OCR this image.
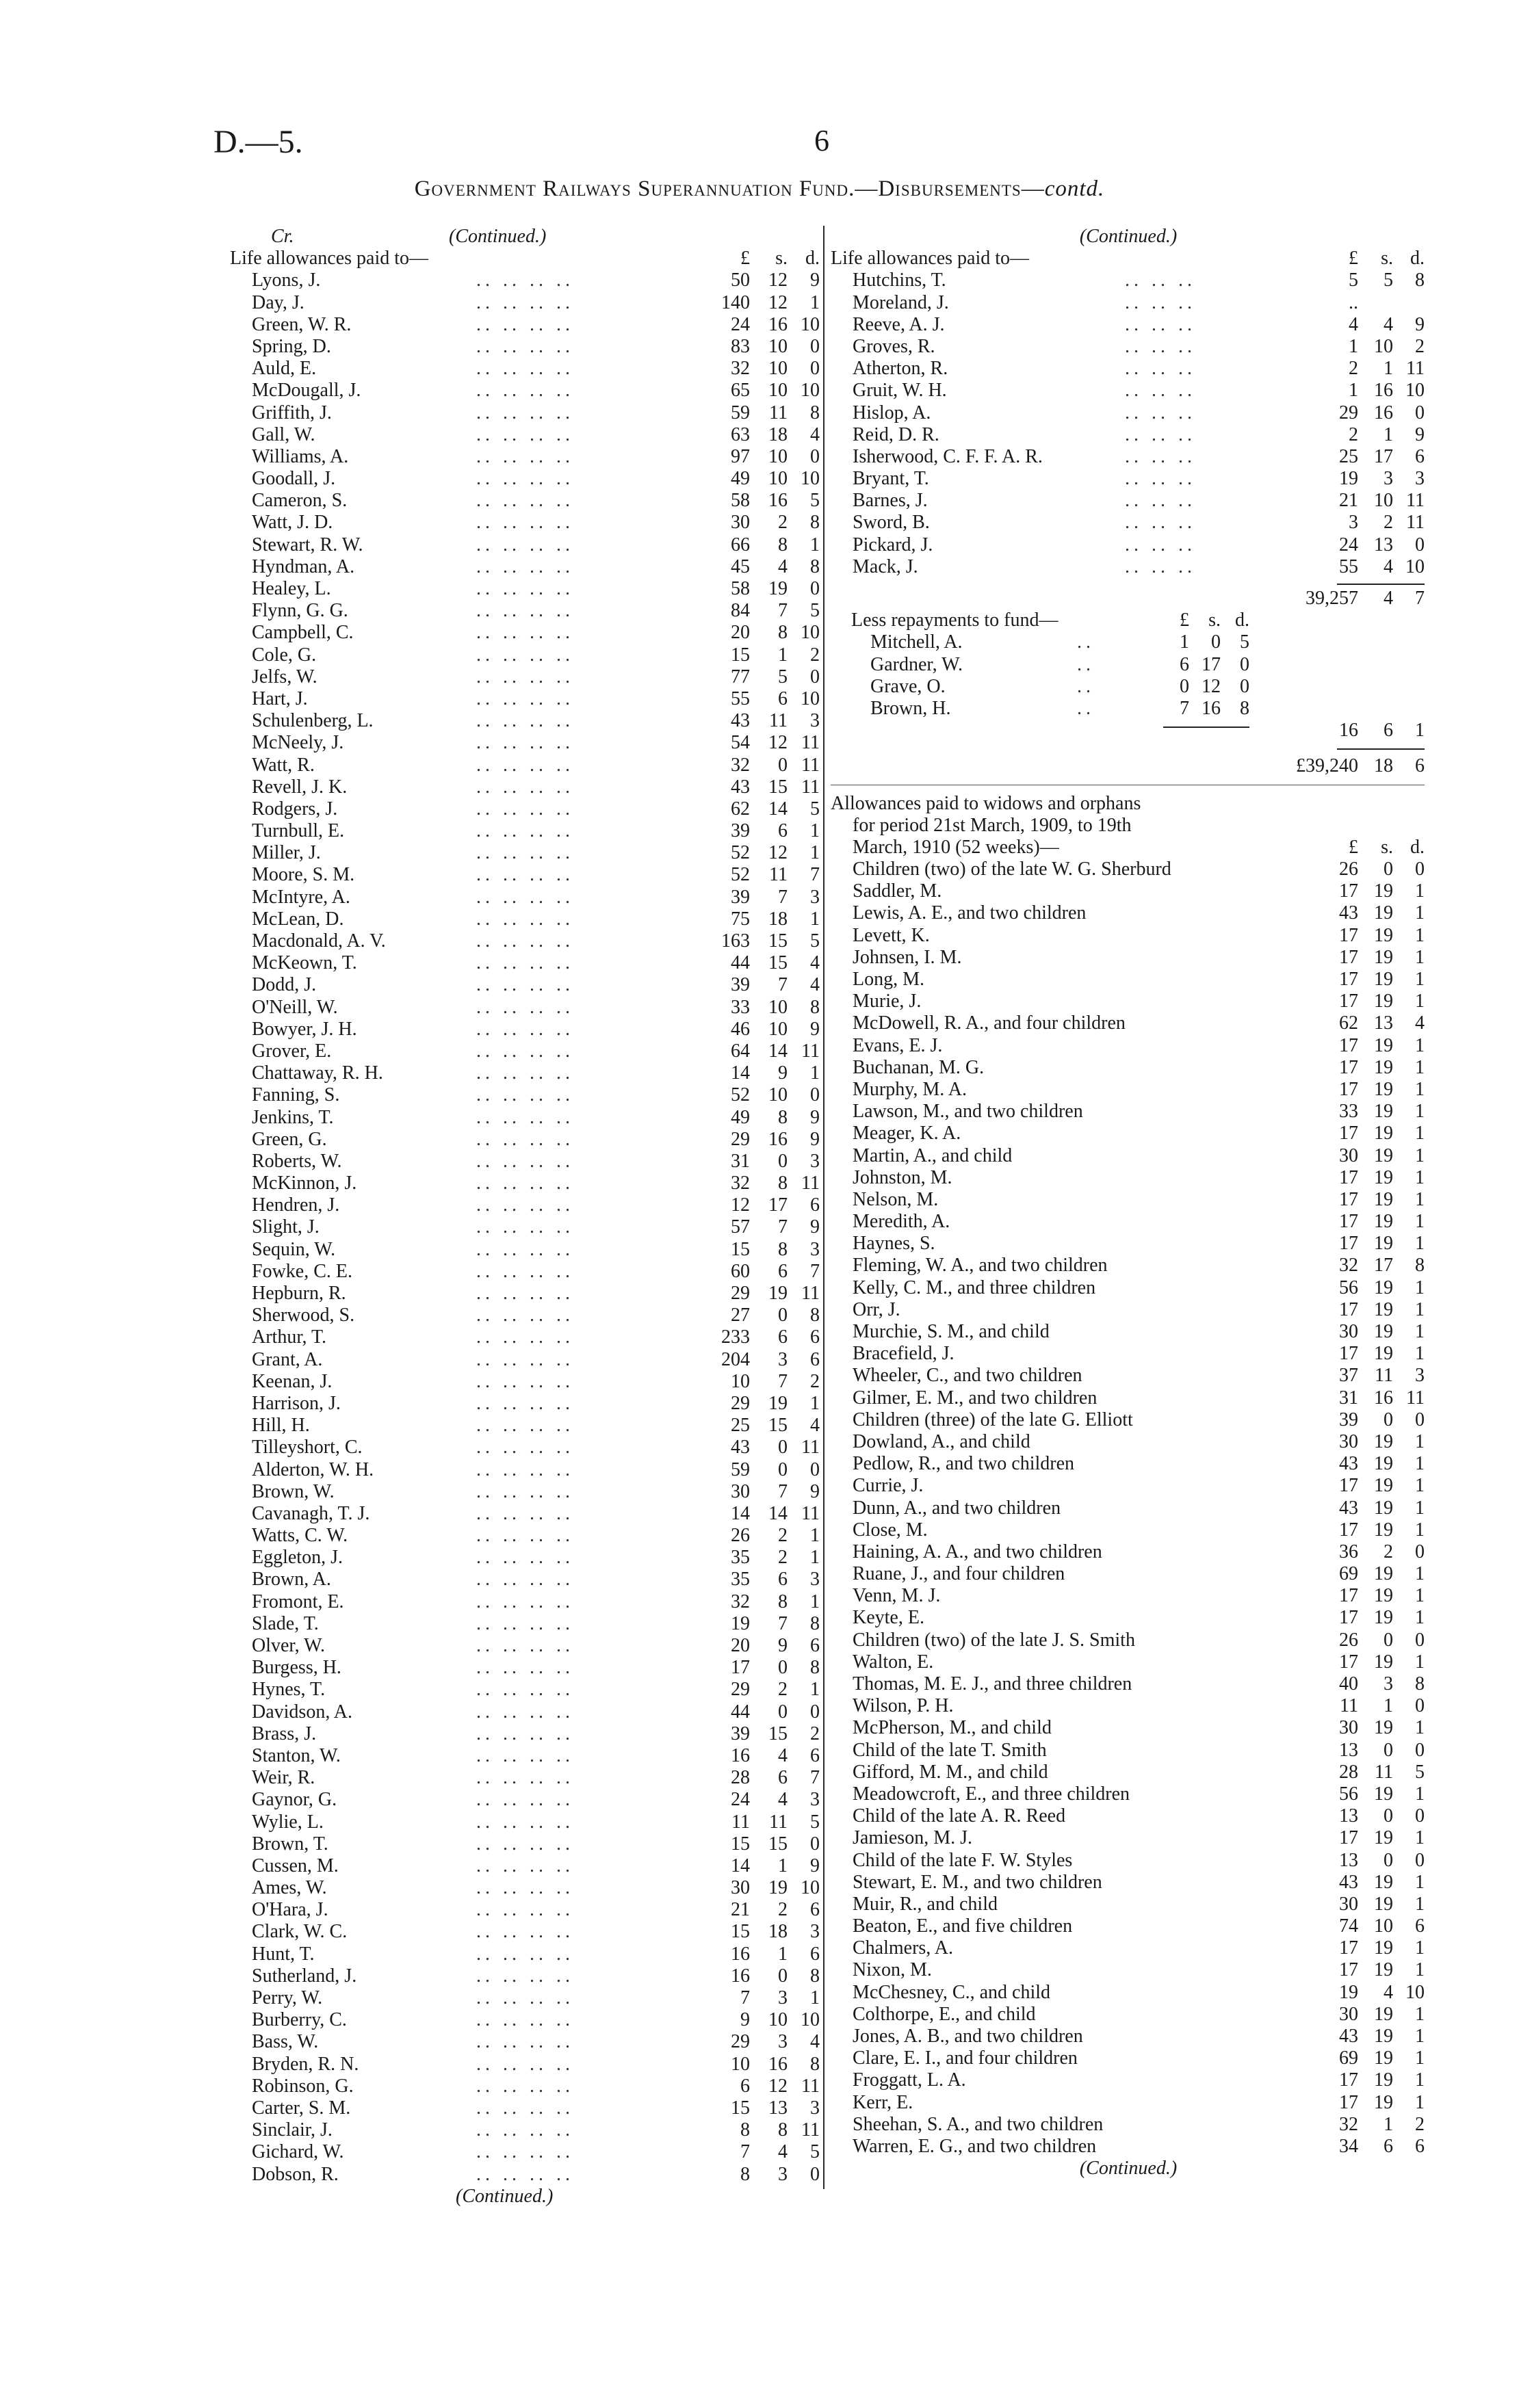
D.—5.	6
Government Railways Superannuation Fund.—Disbursements—contd.
Cr.	(Continued.)
Life allowances paid to—	£	s. d.
Lyons, J.	.. .. .. ..	50 12	9
Day, J.	.. .. .. ..	140 12	1
Green, W. R.	.. .. .. ..	24 16 10
Spring, D.	.. .. .. ..	83 10	0
Auld, E.	.. .. .. ..	32 10	0
McDougall, J.	.. .. .. ..	65 10 10
Griffith, J.	.. .. .. ..	59	11	8
Gall, W.	.. .. .. ..	63 18	4
Williams, A.	.. .. .. ..	97 10	0
Goodall, J.	.. .. .. ..	49 10 10
Cameron, S.	.. .. .. ..	58 16	5
Watt, J. D.	.. .. .. ..	30	2	8
Stewart, R. W.	.. .. .. ..	66	8	1
Hyndman, A.	.. .. .. ..	45	4	8
Healey, L.	.. .. .. ..	58 19	0
Flynn, G. G.	.. .. .. ..	84	7	5
Campbell, C.	.. .. .. ..	20	8 10
Cole, G.	.. .. .. ..	15	1	2
Jelfs, W.	.. .. .. ..	77	5	0
Hart, J.	.. .. .. ..	55	6 10
Schulenberg, L.	.. .. .. ..	43	11	3
McNeely, J.	.. .. .. ..	54 12 11
Watt, R.	.. .. .. ..	32	0 11
Revell, J. K.	.. .. .. ..	43 15 11
Rodgers, J.	.. .. .. ..	62 14	5
Turnbull, E.	.. .. .. ..	39	6	1
Miller, J.	.. .. .. ..	52 12	1
Moore, S. M.	.. .. .. ..	52	11	7
McIntyre, A.	.. .. .. ..	39	7	3
McLean, D.	.. .. .. ..	75 18	1
Macdonald, A. V.	.. .. .. ..	163 15	5
McKeown, T.	.. .. .. ..	44 15	4
Dodd, J.	.. .. .. ..	39	7	4
O'Neill, W.	.. .. .. ..	33 10	8
Bowyer, J. H.	.. .. .. ..	46 10	9
Grover, E.	.. .. .. ..	64 14 11
Chattaway, R. H.	.. .. .. ..	14	9	1
Fanning, S.	.. .. .. ..	52 10	0
Jenkins, T.	.. .. .. ..	49	8	9
Green, G.	.. .. .. ..	29 16	9
Roberts, W.	.. .. .. ..	31	0	3
McKinnon, J.	.. .. .. ..	32	8 11
Hendren, J.	.. .. .. ..	12 17	6
Slight, J.	.. .. .. ..	57	7	9
Sequin, W.	.. .. .. ..	15	8	3
Fowke, C. E.	.. .. .. ..	60	6	7
Hepburn, R.	.. .. .. ..	29 19 11
Sherwood, S.	.. .. .. ..	27	0	8
Arthur, T.	.. .. .. ..	233	6	6
Grant, A.	.. .. .. ..	204	3	6
Keenan, J.	.. .. .. ..	10	7	2
Harrison, J.	.. .. .. ..	29 19	1
Hill, H.	.. .. .. ..	25 15	4
Tilleyshort, C.	.. .. .. ..	43	0 11
Alderton, W. H.	.. .. .. ..	59	0	0
Brown, W.	.. .. .. ..	30	7	9
Cavanagh, T. J.	.. .. .. ..	14 14 11
Watts, C. W.	.. .. .. ..	26	2	1
Eggleton, J.	.. .. .. ..	35	2	1
Brown, A.	.. .. .. ..	35	6	3
Fromont, E.	.. .. .. ..	32	8	1
Slade, T.	.. .. .. ..	19	7	8
Olver, W.	.. .. .. ..	20	9	6
Burgess, H.	.. .. .. ..	17	0	8
Hynes, T.	.. .. .. ..	29	2	1
Davidson, A.	.. .. .. ..	44	0	0
Brass, J.	.. .. .. ..	39 15	2
Stanton, W.	.. .. .. ..	16	4	6
Weir, R.	.. .. .. ..	28	6	7
Gaynor, G.	.. .. .. ..	24	4	3
Wylie, L.	.. .. .. ..	11	11	5
Brown, T.	.. .. .. ..	15 15	0
Cussen, M.	.. .. .. ..	14	1	9
Ames, W.	.. .. .. ..	30 19 10
O'Hara, J.	.. .. .. ..	21	2	6
Clark, W. C.	.. .. .. ..	15 18	3
Hunt, T.	.. .. .. ..	16	1	6
Sutherland, J.	.. .. .. ..	16	0	8
Perry, W.	.. .. .. ..	7	3	1
Burberry, C.	.. .. .. ..	9 10 10
Bass, W.	.. .. .. ..	29	3	4
Bryden, R. N.	.. .. .. ..	10 16	8
Robinson, G.	.. .. .. ..	6 12 11
Carter, S. M.	.. .. .. ..	15 13	3
Sinclair, J.	.. .. .. ..	8	8 11
Gichard, W.	.. .. .. ..	7	4	5
Dobson, R.	.. .. .. ..	8	3	0
(Continued.)
(Continued.)
Life allowances paid to—	£	s. d.
Hutchins, T.	.. .. ..	5	5	8
Moreland, J.	.. .. ..	..
Reeve, A. J.	.. .. ..	4	4	9
Groves, R.	.. .. ..	1 10	2
Atherton, R.	.. .. ..	2	1 11
Gruit, W. H.	.. .. ..	1 16 10
Hislop, A.	.. .. ..	29 16	0
Reid, D. R.	.. .. ..	2	1	9
Isherwood, C. F. F. A. R.	.. .. ..	25 17	6
Bryant, T.	.. .. ..	19	3	3
Barnes, J.	.. .. ..	21 10 11
Sword, B.	.. .. ..	3	2 11
Pickard, J.	.. .. ..	24 13	0
Mack, J.	.. .. ..	55	4 10
39,257	4	7
Less repayments to fund—	£	s. d.
Mitchell, A.	..	1	0	5
Gardner, W.	..	6 17	0
Grave, O.	..	0 12	0
Brown, H.	..	7 16	8
16	6	1
£39,240 18	6
Allowances paid to widows and orphans
for period 21st March, 1909, to 19th
March, 1910 (52 weeks)—	£	s. d.
Children (two) of the late W. G. Sherburd	26	0	0
Saddler, M.	17 19	1
Lewis, A. E., and two children	43 19	1
Levett, K.	17 19	1
Johnsen, I. M.	17 19	1
Long, M.	17 19	1
Murie, J.	17 19	1
McDowell, R. A., and four children	62 13	4
Evans, E. J.	17 19	1
Buchanan, M. G.	17 19	1
Murphy, M. A.	17 19	1
Lawson, M., and two children	33 19	1
Meager, K. A.	17 19	1
Martin, A., and child	30 19	1
Johnston, M.	17 19	1
Nelson, M.	17 19	1
Meredith, A.	17 19	1
Haynes, S.	17 19	1
Fleming, W. A., and two children	32 17	8
Kelly, C. M., and three children	56 19	1
Orr, J.	17 19	1
Murchie, S. M., and child	30 19	1
Bracefield, J.	17 19	1
Wheeler, C., and two children	37 11	3
Gilmer, E. M., and two children	31 16 11
Children (three) of the late G. Elliott	39	0	0
Dowland, A., and child	30 19	1
Pedlow, R., and two children	43 19	1
Currie, J.	17 19	1
Dunn, A., and two children	43 19	1
Close, M.	17 19	1
Haining, A. A., and two children	36	2	0
Ruane, J., and four children	69 19	1
Venn, M. J.	17 19	1
Keyte, E.	17 19	1
Children (two) of the late J. S. Smith	26	0	0
Walton, E.	17 19	1
Thomas, M. E. J., and three children	40	3	8
Wilson, P. H.	11	1	0
McPherson, M., and child	30 19	1
Child of the late T. Smith	13	0	0
Gifford, M. M., and child	28 11	5
Meadowcroft, E., and three children	56 19	1
Child of the late A. R. Reed	13	0	0
Jamieson, M. J.	17 19	1
Child of the late F. W. Styles	13	0	0
Stewart, E. M., and two children	43 19	1
Muir, R., and child	30 19	1
Beaton, E., and five children	74 10	6
Chalmers, A.	17 19	1
Nixon, M.	17 19	1
McChesney, C., and child	19	4 10
Colthorpe, E., and child	30 19	1
Jones, A. B., and two children	43 19	1
Clare, E. I., and four children	69 19	1
Froggatt, L. A.	17 19	1
Kerr, E.	17 19	1
Sheehan, S. A., and two children	32	1	2
Warren, E. G., and two children	34	6	6
(Continued.)
